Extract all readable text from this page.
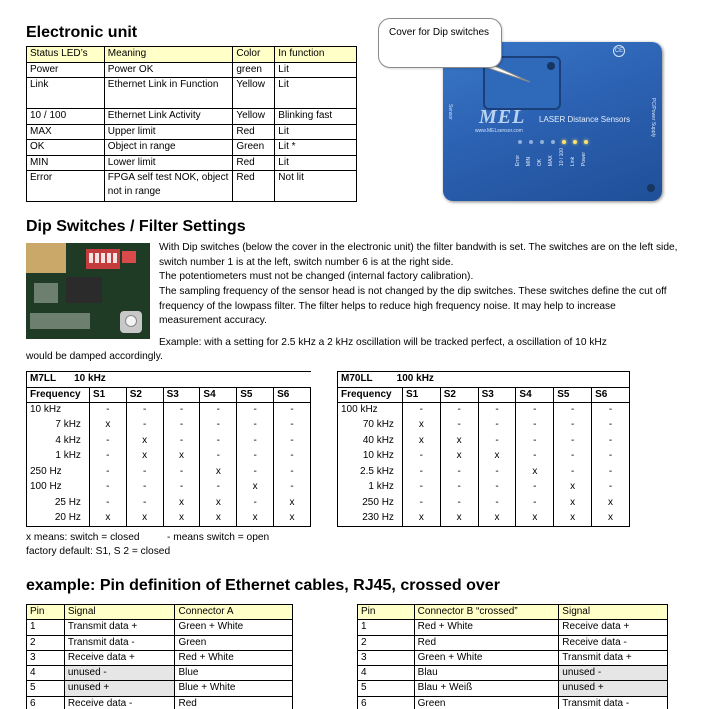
Electronic unit
Status LED’s	Meaning	Color	In function
Power	Power OK	green	Lit
Link	Ethernet Link in Function	Yellow	Lit
10 / 100	Ethernet Link Activity	Yellow	Blinking fast
MAX	Upper limit	Red	Lit
OK	Object in range	Green	Lit *
MIN	Lower limit	Red	Lit
Error	FPGA self test NOK, object not in range	Red	Not lit
Sensor
CE
MEL
www.MELsensor.com
LASER Distance Sensors
Error	MIN	OK	MAX	10 / 100	Link	Power
PC/Power Supply
Cover for Dip switches
Dip Switches / Filter Settings
With Dip switches (below the cover in the electronic unit) the filter bandwith is set. The switches are on the left side, switch number 1 is at the left, switch number 6 is at the right side.
The potentiometers must not be changed (internal factory calibration).
The sampling frequency of the sensor head is not changed by the dip switches. These switches define the cut off frequency of the lowpass filter. The filter helps to reduce high frequency noise. It may help to increase measurement accuracy.
Example: with a setting for 2.5 kHz a 2 kHz oscillation will be tracked perfect, a oscillation of 10 kHz
would be damped accordingly.
M7LL 10 kHz						
Frequency	S1	S2	S3	S4	S5	S6
10 kHz	-	-	-	-	-	-
7 kHz	x	-	-	-	-	-
4 kHz	-	x	-	-	-	-
1 kHz	-	x	x	-	-	-
250 Hz	-	-	-	x	-	-
100 Hz	-	-	-	-	x	-
25 Hz	-	-	x	x	-	x
20 Hz	x	x	x	x	x	x
M70LL 100 kHz						
Frequency	S1	S2	S3	S4	S5	S6
100 kHz	-	-	-	-	-	-
70 kHz	x	-	-	-	-	-
40 kHz	x	x	-	-	-	-
10 kHz	-	x	x	-	-	-
2.5 kHz	-	-	-	x	-	-
1 kHz	-	-	-	-	x	-
250 Hz	-	-	-	-	x	x
230 Hz	x	x	x	x	x	x
x means: switch = closed	- means switch = open
factory default: S1, S 2 = closed
example: Pin definition of Ethernet cables, RJ45, crossed over
Pin	Signal	Connector A
1	Transmit data +	Green + White
2	Transmit data -	Green
3	Receive data +	Red + White
4	unused -	Blue
5	unused +	Blue + White
6	Receive data -	Red
Pin	Connector B “crossed”	Signal
1	Red + White	Receive data +
2	Red	Receive data -
3	Green + White	Transmit data +
4	Blau	unused -
5	Blau + Weiß	unused +
6	Green	Transmit data -
